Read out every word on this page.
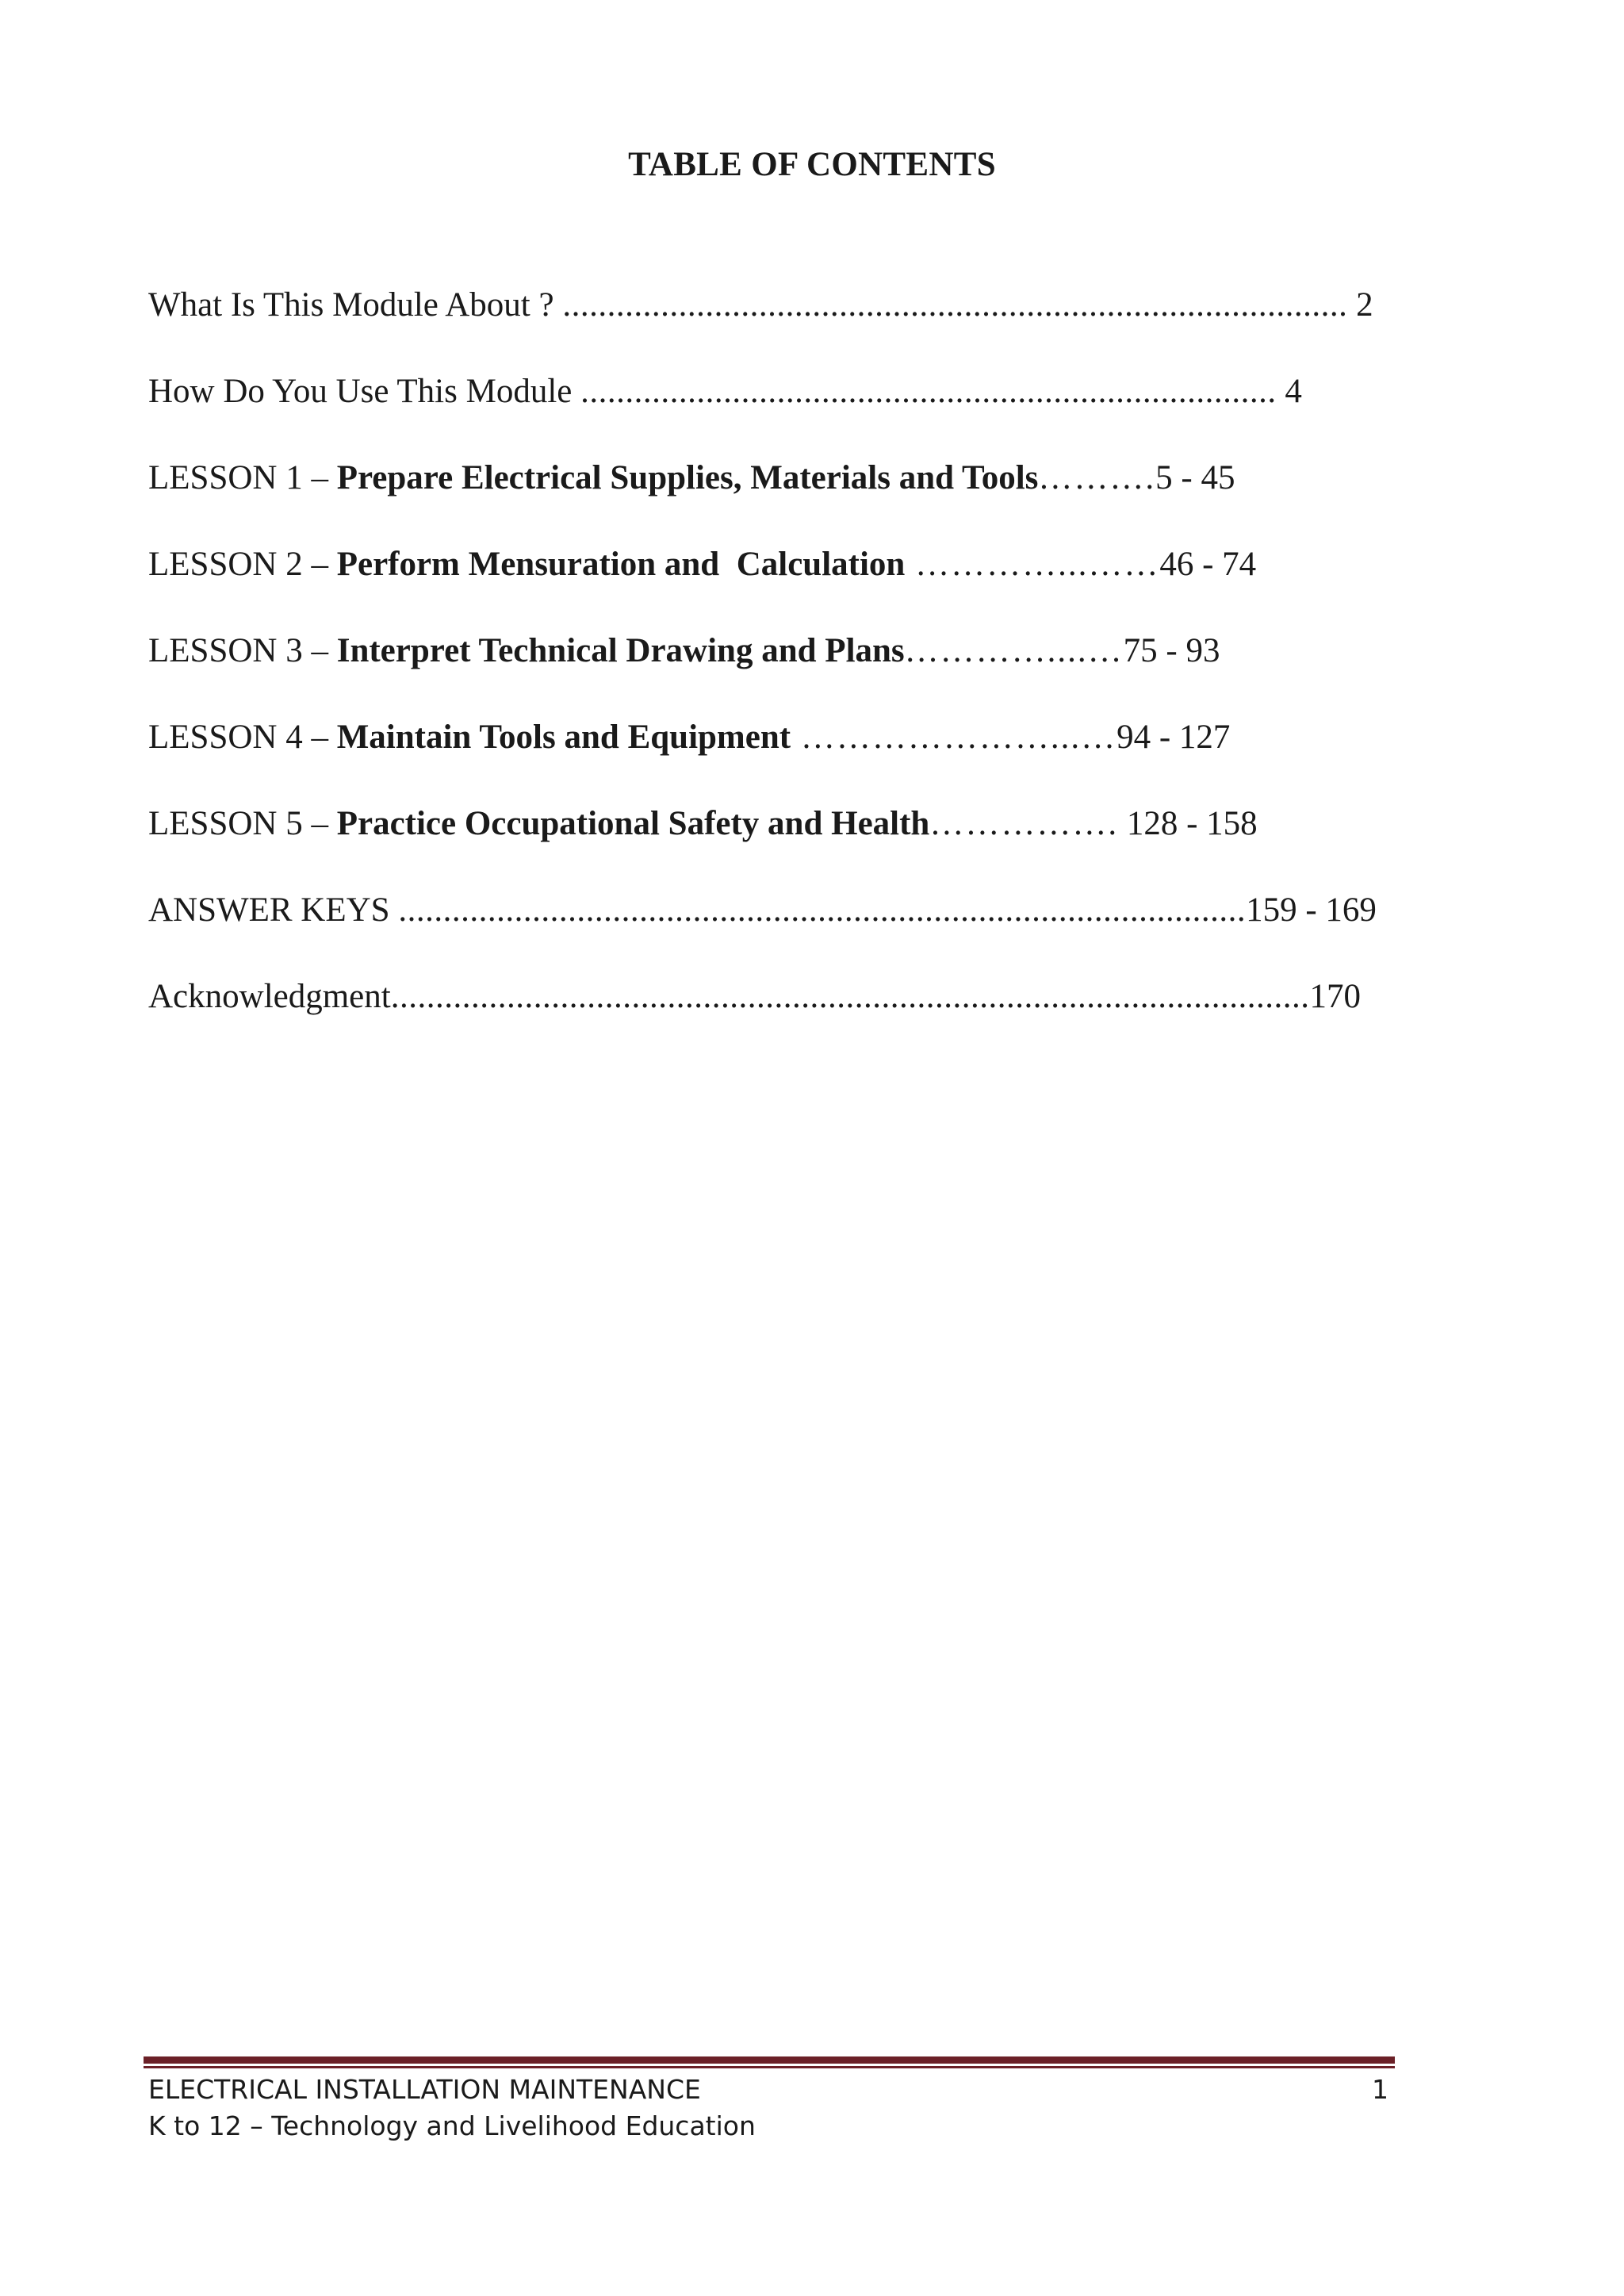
TABLE OF CONTENTS
What Is This Module About ? ........................................................................................ 2
How Do You Use This Module .............................................................................. 4
LESSON 1 – Prepare Electrical Supplies, Materials and Tools……….5 - 45
LESSON 2 – Perform Mensuration and  Calculation …………...……46 - 74
LESSON 3 – Interpret Technical Drawing and Plans…………....…75 - 93
LESSON 4 – Maintain Tools and Equipment …………………...…94 - 127
LESSON 5 – Practice Occupational Safety and Health……………. 128 - 158
ANSWER KEYS ...............................................................................................159 - 169
Acknowledgment.......................................................................................................170
ELECTRICAL INSTALLATION MAINTENANCE	1
K to 12 – Technology and Livelihood Education
